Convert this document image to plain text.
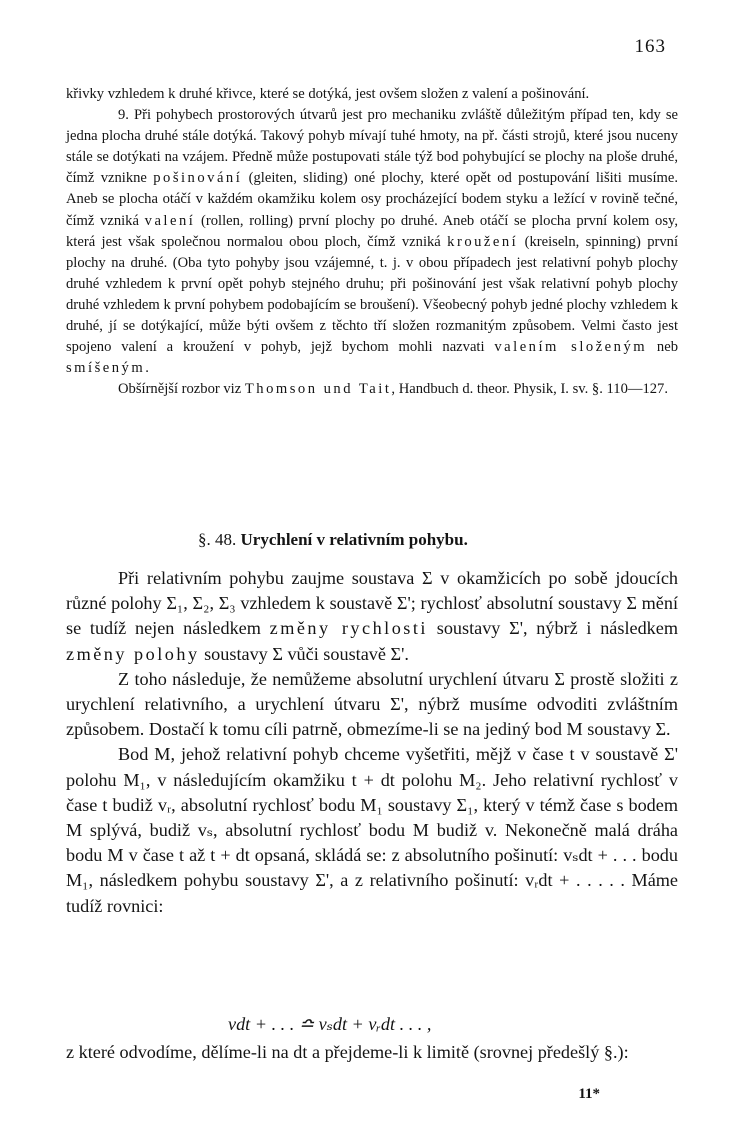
163

křivky vzhledem k druhé křivce, které se dotýká, jest ovšem složen z valení a pošinování.

9. Při pohybech prostorových útvarů jest pro mechaniku zvláště důležitým případ ten, kdy se jedna plocha druhé stále dotýká. Takový pohyb mívají tuhé hmoty, na př. části strojů, které jsou nuceny stále se dotýkati na vzájem. Předně může postupovati stále týž bod pohybující se plochy na ploše druhé, čímž vznikne pošinování (gleiten, sliding) oné plochy, které opět od postupování lišiti musíme. Aneb se plocha otáčí v každém okamžiku kolem osy procházející bodem styku a ležící v rovině tečné, čímž vzniká valení (rollen, rolling) první plochy po druhé. Aneb otáčí se plocha první kolem osy, která jest však společnou normalou obou ploch, čímž vzniká kroužení (kreiseln, spinning) první plochy na druhé. (Oba tyto pohyby jsou vzájemné, t. j. v obou případech jest relativní pohyb plochy druhé vzhledem k první opět pohyb stejného druhu; při pošinování jest však relativní pohyb plochy druhé vzhledem k první pohybem podobajícím se broušení). Všeobecný pohyb jedné plochy vzhledem k druhé, jí se dotýkající, může býti ovšem z těchto tří složen rozmanitým způsobem. Velmi často jest spojeno valení a kroužení v pohyb, jejž bychom mohli nazvati valením složeným neb smíšeným.

Obšírnější rozbor viz Thomson und Tait, Handbuch d. theor. Physik, I. sv. §. 110—127.

§. 48. Urychlení v relativním pohybu.

Při relativním pohybu zaujme soustava Σ v okamžicích po sobě jdoucích různé polohy Σ₁, Σ₂, Σ₃ vzhledem k soustavě Σ'; rychlosť absolutní soustavy Σ mění se tudíž nejen následkem změny rychlosti soustavy Σ', nýbrž i následkem změny polohy soustavy Σ vůči soustavě Σ'.

Z toho následuje, že nemůžeme absolutní urychlení útvaru Σ prostě složiti z urychlení relativního, a urychlení útvaru Σ', nýbrž musíme odvoditi zvláštním způsobem. Dostačí k tomu cíli patrně, obmezíme-li se na jediný bod M soustavy Σ.

Bod M, jehož relativní pohyb chceme vyšetřiti, mějž v čase t v soustavě Σ' polohu M₁, v následujícím okamžiku t + dt polohu M₂. Jeho relativní rychlosť v čase t budiž vᵣ, absolutní rychlosť bodu M₁ soustavy Σ₁, který v témž čase s bodem M splývá, budiž vₛ, absolutní rychlosť bodu M budiž v. Nekonečně malá dráha bodu M v čase t až t + dt opsaná, skládá se: z absolutního pošinutí: vₛdt + . . . bodu M₁, následkem pohybu soustavy Σ', a z relativního pošinutí: vᵣdt + . . . . . Máme tudíž rovnici:

vdt + . . . ≏ vₛdt + vᵣdt . . . ,

z které odvodíme, dělíme-li na dt a přejdeme-li k limitě (srovnej předešlý §.):

11*
